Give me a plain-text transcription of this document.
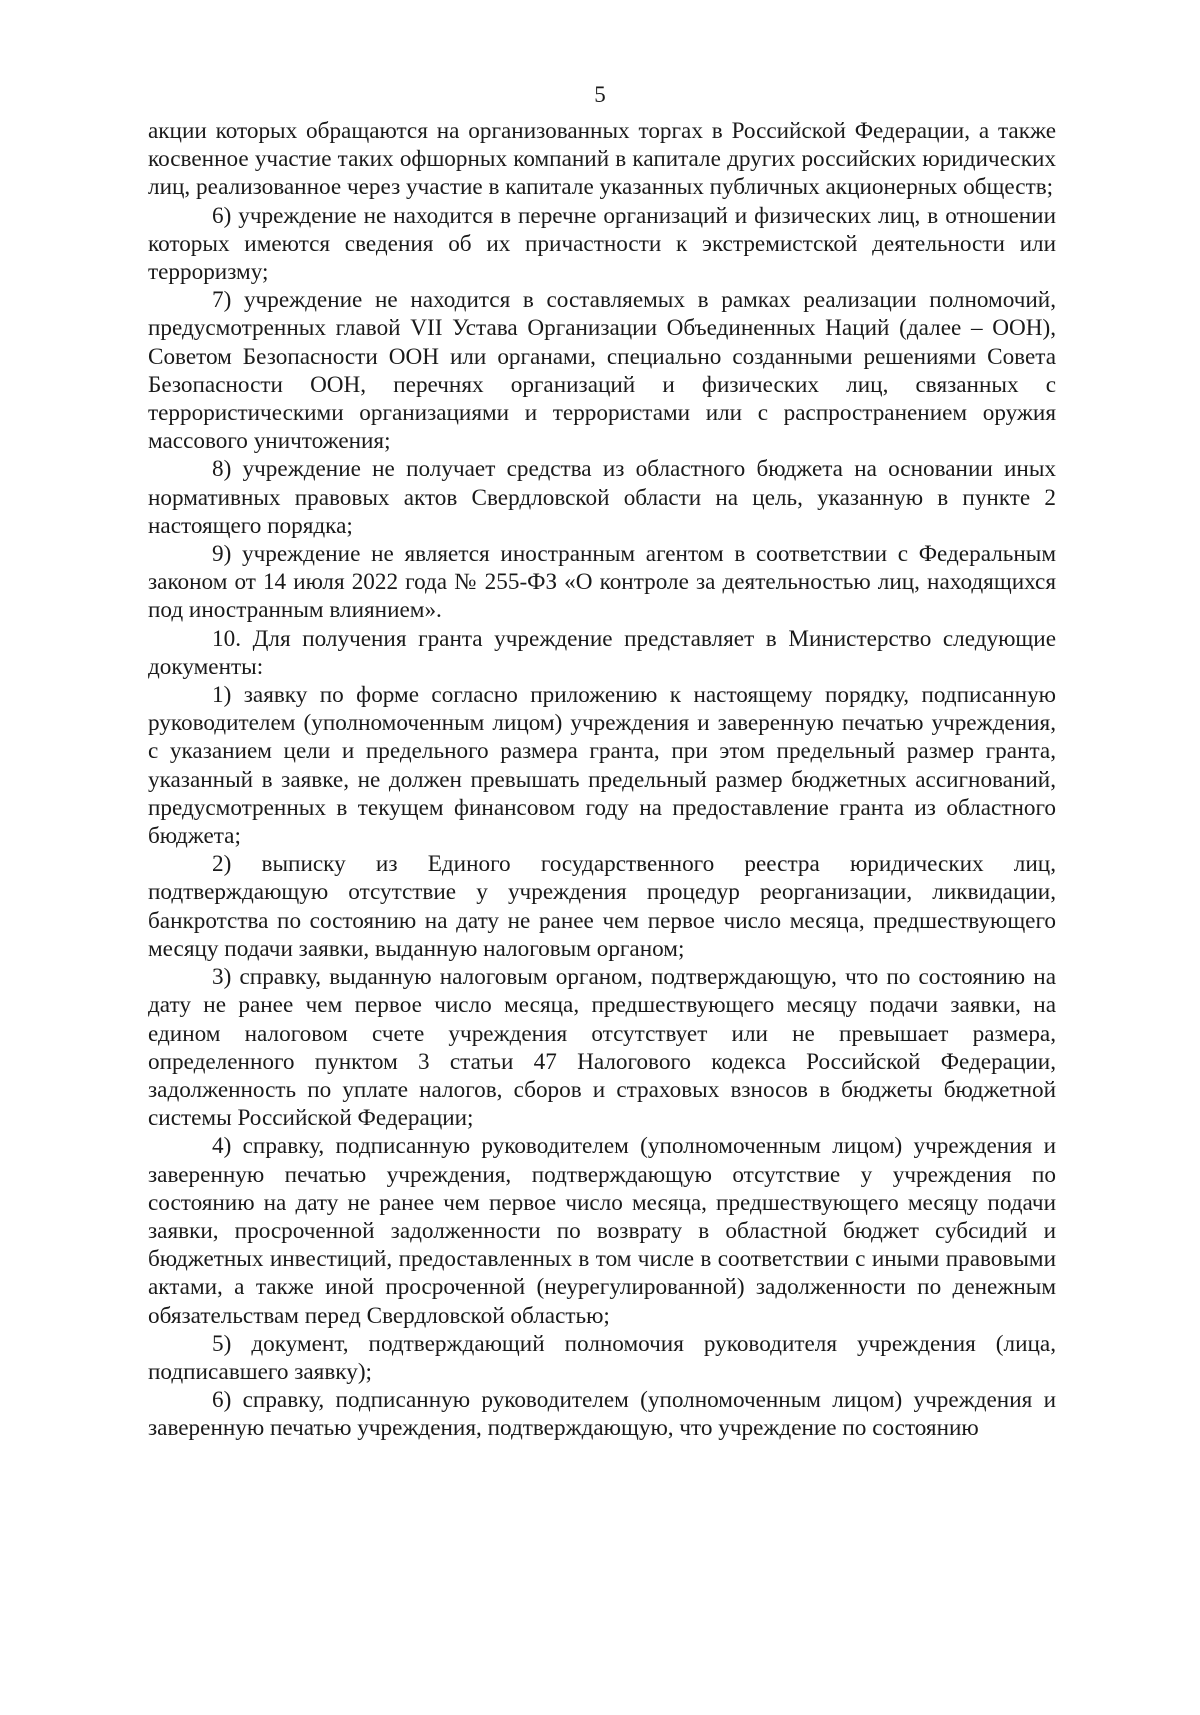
5

акции которых обращаются на организованных торгах в Российской Федерации, а также косвенное участие таких офшорных компаний в капитале других российских юридических лиц, реализованное через участие в капитале указанных публичных акционерных обществ;

6) учреждение не находится в перечне организаций и физических лиц, в отношении которых имеются сведения об их причастности к экстремистской деятельности или терроризму;

7) учреждение не находится в составляемых в рамках реализации полномочий, предусмотренных главой VII Устава Организации Объединенных Наций (далее – ООН), Советом Безопасности ООН или органами, специально созданными решениями Совета Безопасности ООН, перечнях организаций и физических лиц, связанных с террористическими организациями и террористами или с распространением оружия массового уничтожения;

8) учреждение не получает средства из областного бюджета на основании иных нормативных правовых актов Свердловской области на цель, указанную в пункте 2 настоящего порядка;

9) учреждение не является иностранным агентом в соответствии с Федеральным законом от 14 июля 2022 года № 255-ФЗ «О контроле за деятельностью лиц, находящихся под иностранным влиянием».

10. Для получения гранта учреждение представляет в Министерство следующие документы:

1) заявку по форме согласно приложению к настоящему порядку, подписанную руководителем (уполномоченным лицом) учреждения и заверенную печатью учреждения, с указанием цели и предельного размера гранта, при этом предельный размер гранта, указанный в заявке, не должен превышать предельный размер бюджетных ассигнований, предусмотренных в текущем финансовом году на предоставление гранта из областного бюджета;

2) выписку из Единого государственного реестра юридических лиц, подтверждающую отсутствие у учреждения процедур реорганизации, ликвидации, банкротства по состоянию на дату не ранее чем первое число месяца, предшествующего месяцу подачи заявки, выданную налоговым органом;

3) справку, выданную налоговым органом, подтверждающую, что по состоянию на дату не ранее чем первое число месяца, предшествующего месяцу подачи заявки, на едином налоговом счете учреждения отсутствует или не превышает размера, определенного пунктом 3 статьи 47 Налогового кодекса Российской Федерации, задолженность по уплате налогов, сборов и страховых взносов в бюджеты бюджетной системы Российской Федерации;

4) справку, подписанную руководителем (уполномоченным лицом) учреждения и заверенную печатью учреждения, подтверждающую отсутствие у учреждения по состоянию на дату не ранее чем первое число месяца, предшествующего месяцу подачи заявки, просроченной задолженности по возврату в областной бюджет субсидий и бюджетных инвестиций, предоставленных в том числе в соответствии с иными правовыми актами, а также иной просроченной (неурегулированной) задолженности по денежным обязательствам перед Свердловской областью;

5) документ, подтверждающий полномочия руководителя учреждения (лица, подписавшего заявку);

6) справку, подписанную руководителем (уполномоченным лицом) учреждения и заверенную печатью учреждения, подтверждающую, что учреждение по состоянию
